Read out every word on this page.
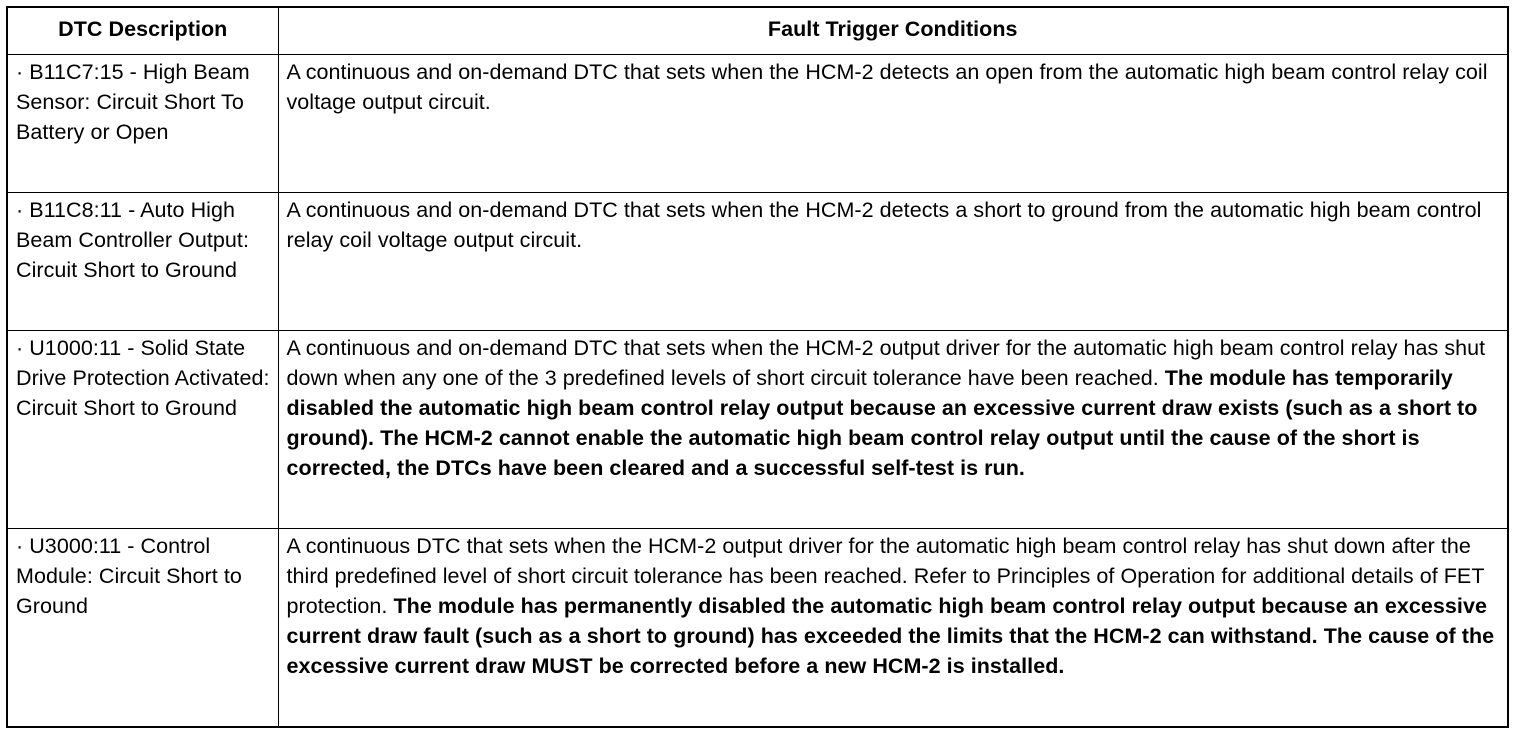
DTC Description	Fault Trigger Conditions
· B11C7:15 - High Beam Sensor: Circuit Short To Battery or Open	A continuous and on-demand DTC that sets when the HCM-2 detects an open from the automatic high beam control relay coil voltage output circuit.
· B11C8:11 - Auto High Beam Controller Output: Circuit Short to Ground	A continuous and on-demand DTC that sets when the HCM-2 detects a short to ground from the automatic high beam control relay coil voltage output circuit.
· U1000:11 - Solid State Drive Protection Activated: Circuit Short to Ground	A continuous and on-demand DTC that sets when the HCM-2 output driver for the automatic high beam control relay has shut down when any one of the 3 predefined levels of short circuit tolerance have been reached. The module has temporarily disabled the automatic high beam control relay output because an excessive current draw exists (such as a short to ground). The HCM-2 cannot enable the automatic high beam control relay output until the cause of the short is corrected, the DTCs have been cleared and a successful self-test is run.
· U3000:11 - Control Module: Circuit Short to Ground	A continuous DTC that sets when the HCM-2 output driver for the automatic high beam control relay has shut down after the third predefined level of short circuit tolerance has been reached. Refer to Principles of Operation for additional details of FET protection. The module has permanently disabled the automatic high beam control relay output because an excessive current draw fault (such as a short to ground) has exceeded the limits that the HCM-2 can withstand. The cause of the excessive current draw MUST be corrected before a new HCM-2 is installed.
